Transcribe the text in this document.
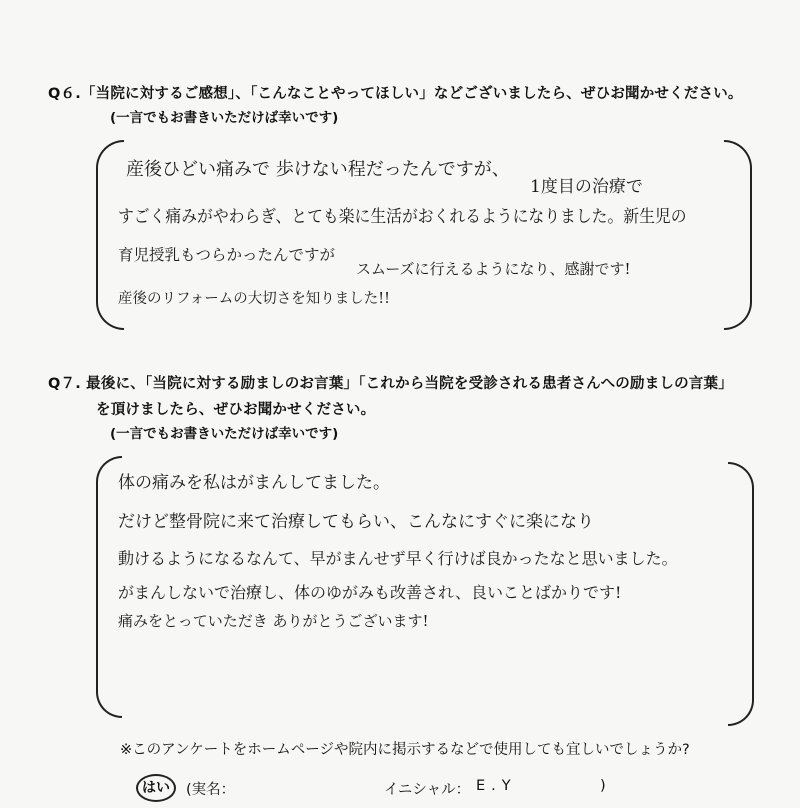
Q６.「当院に対するご感想」、「こんなことやってほしい」などございましたら、ぜひお聞かせください。
(一言でもお書きいただけば幸いです)
産後ひどい痛みで 歩けない程だったんですが、
1度目の治療で
すごく痛みがやわらぎ、とても楽に生活がおくれるようになりました。新生児の
育児授乳もつらかったんですが
スムーズに行えるようになり、感謝です!
産後のリフォームの大切さを知りました!!
Q７. 最後に、「当院に対する励ましのお言葉」「これから当院を受診される患者さんへの励ましの言葉」
を頂けましたら、ぜひお聞かせください。
(一言でもお書きいただけば幸いです)
体の痛みを私はがまんしてました。
だけど整骨院に来て治療してもらい、こんなにすぐに楽になり
動けるようになるなんて、早がまんせず早く行けば良かったなと思いました。
がまんしないで治療し、体のゆがみも改善され、良いことばかりです!
痛みをとっていただき ありがとうございます!
※このアンケートをホームページや院内に掲示するなどで使用しても宜しいでしょうか?
はい	(実名：	イニシャル： E.Y	)
